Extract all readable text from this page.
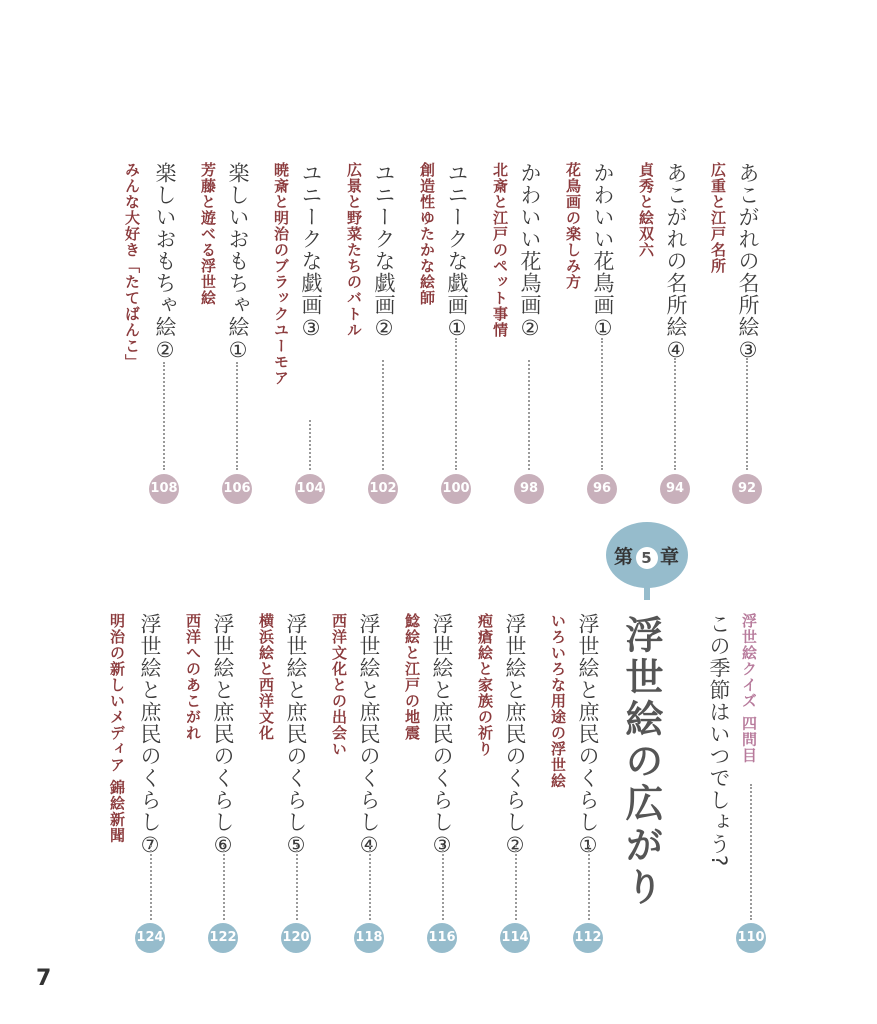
第 5 章
浮世絵の広がり
あこがれの名所絵③
広重と江戸名所
92
あこがれの名所絵④
貞秀と絵双六
94
かわいい花鳥画①
花鳥画の楽しみ方
96
かわいい花鳥画②
北斎と江戸のペット事情
98
ユニークな戯画①
創造性ゆたかな絵師
100
ユニークな戯画②
広景と野菜たちのバトル
102
ユニークな戯画③
暁斎と明治のブラックユーモア
104
楽しいおもちゃ絵①
芳藤と遊べる浮世絵
106
楽しいおもちゃ絵②
みんな大好き「たてばんこ」
108
浮世絵クイズ 四問目
この季節はいつでしょう?
110
浮世絵と庶民のくらし①
いろいろな用途の浮世絵
112
浮世絵と庶民のくらし②
疱瘡絵と家族の祈り
114
浮世絵と庶民のくらし③
鯰絵と江戸の地震
116
浮世絵と庶民のくらし④
西洋文化との出会い
118
浮世絵と庶民のくらし⑤
横浜絵と西洋文化
120
浮世絵と庶民のくらし⑥
西洋へのあこがれ
122
浮世絵と庶民のくらし⑦
明治の新しいメディア 錦絵新聞
124
7
